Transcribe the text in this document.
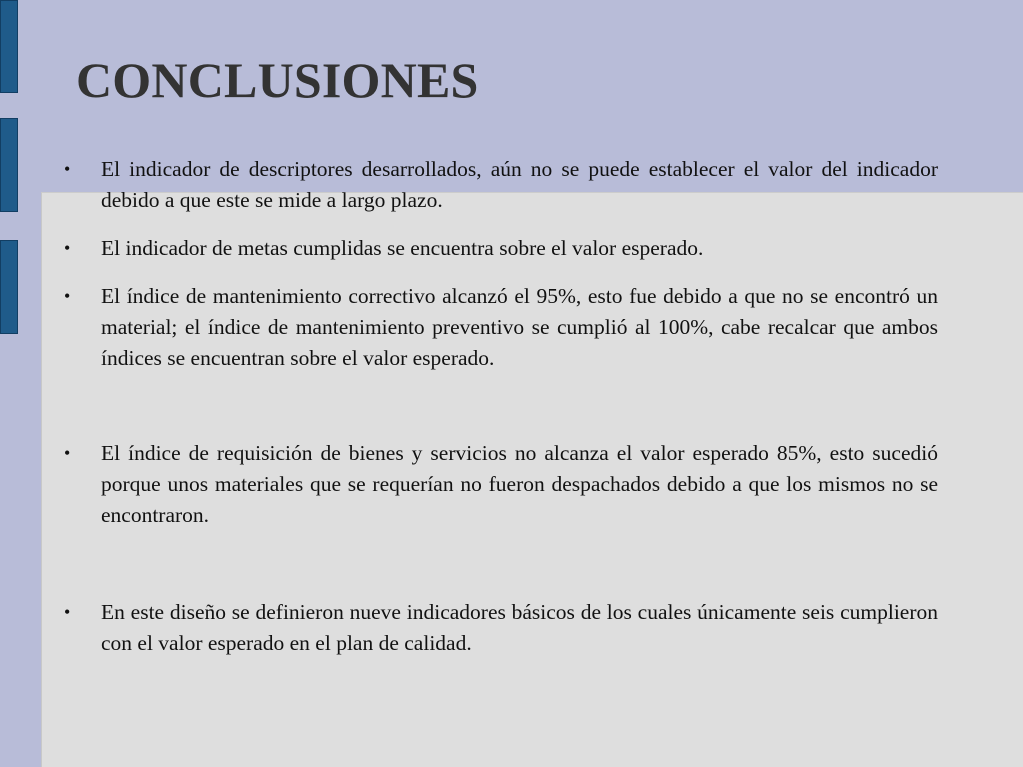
CONCLUSIONES
• El indicador de descriptores desarrollados, aún no se puede establecer el valor del indicador debido a que este se mide a largo plazo.
• El indicador de metas cumplidas se encuentra sobre el valor esperado.
• El índice de mantenimiento correctivo alcanzó el 95%, esto fue debido a que no se encontró un material; el índice de mantenimiento preventivo se cumplió al 100%, cabe recalcar que ambos índices se encuentran sobre el valor esperado.
• El índice de requisición de bienes y servicios no alcanza el valor esperado 85%, esto sucedió porque unos materiales que se requerían no fueron despachados debido a que los mismos no se encontraron.
• En este diseño se definieron nueve indicadores básicos de los cuales únicamente seis cumplieron con el valor esperado en el plan de calidad.
